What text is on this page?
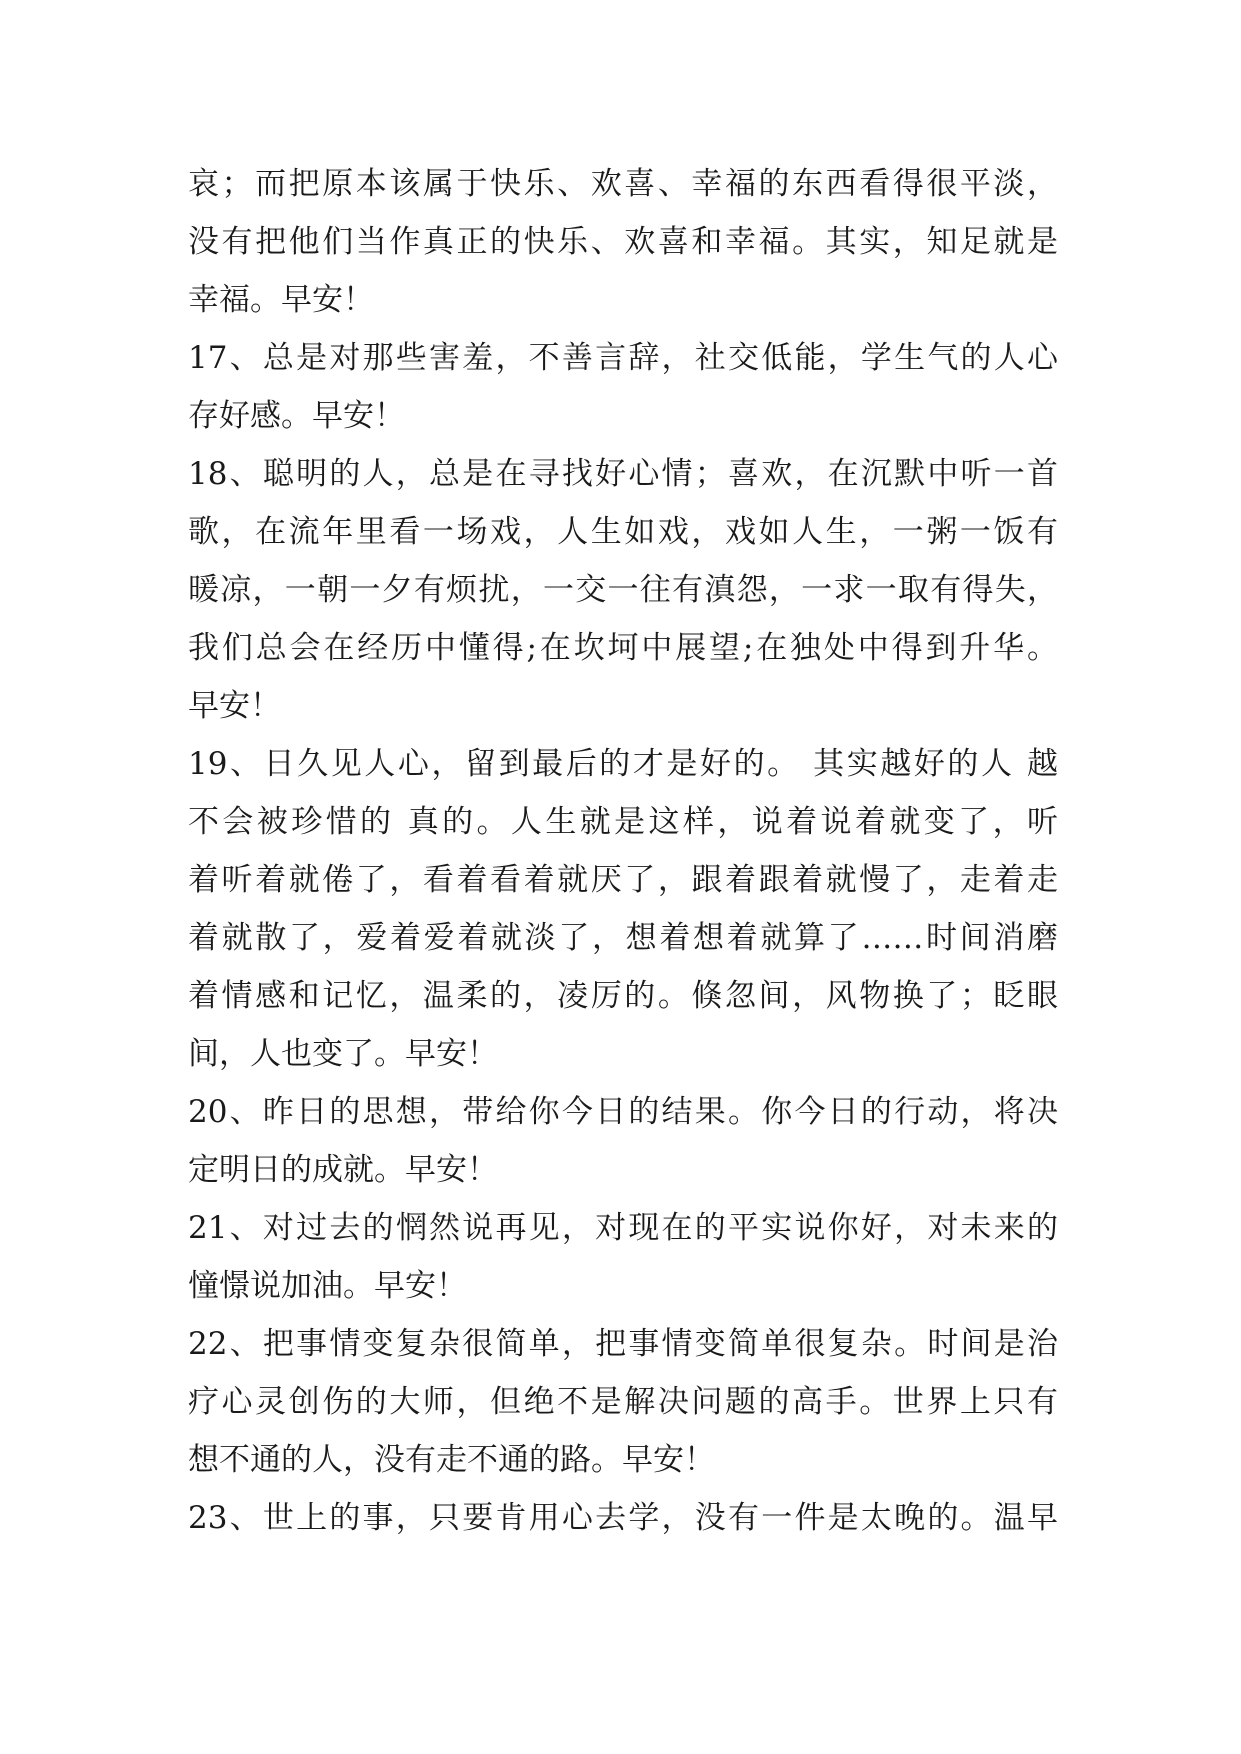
哀；而把原本该属于快乐、欢喜、幸福的东西看得很平淡，
没有把他们当作真正的快乐、欢喜和幸福。其实，知足就是
幸福。早安！
17、总是对那些害羞，不善言辞，社交低能，学生气的人心
存好感。早安！
18、聪明的人，总是在寻找好心情；喜欢，在沉默中听一首
歌，在流年里看一场戏，人生如戏，戏如人生，一粥一饭有
暖凉，一朝一夕有烦扰，一交一往有滇怨，一求一取有得失，
我们总会在经历中懂得;在坎坷中展望;在独处中得到升华。
早安！
19、日久见人心，留到最后的才是好的。 其实越好的人 越
不会被珍惜的 真的。人生就是这样，说着说着就变了，听
着听着就倦了，看着看着就厌了，跟着跟着就慢了，走着走
着就散了，爱着爱着就淡了，想着想着就算了……时间消磨
着情感和记忆，温柔的，凌厉的。倏忽间，风物换了；眨眼
间，人也变了。早安！
20、昨日的思想，带给你今日的结果。你今日的行动，将决
定明日的成就。早安！
21、对过去的惘然说再见，对现在的平实说你好，对未来的
憧憬说加油。早安！
22、把事情变复杂很简单，把事情变简单很复杂。时间是治
疗心灵创伤的大师，但绝不是解决问题的高手。世界上只有
想不通的人，没有走不通的路。早安！
23、世上的事，只要肯用心去学，没有一件是太晚的。温早
